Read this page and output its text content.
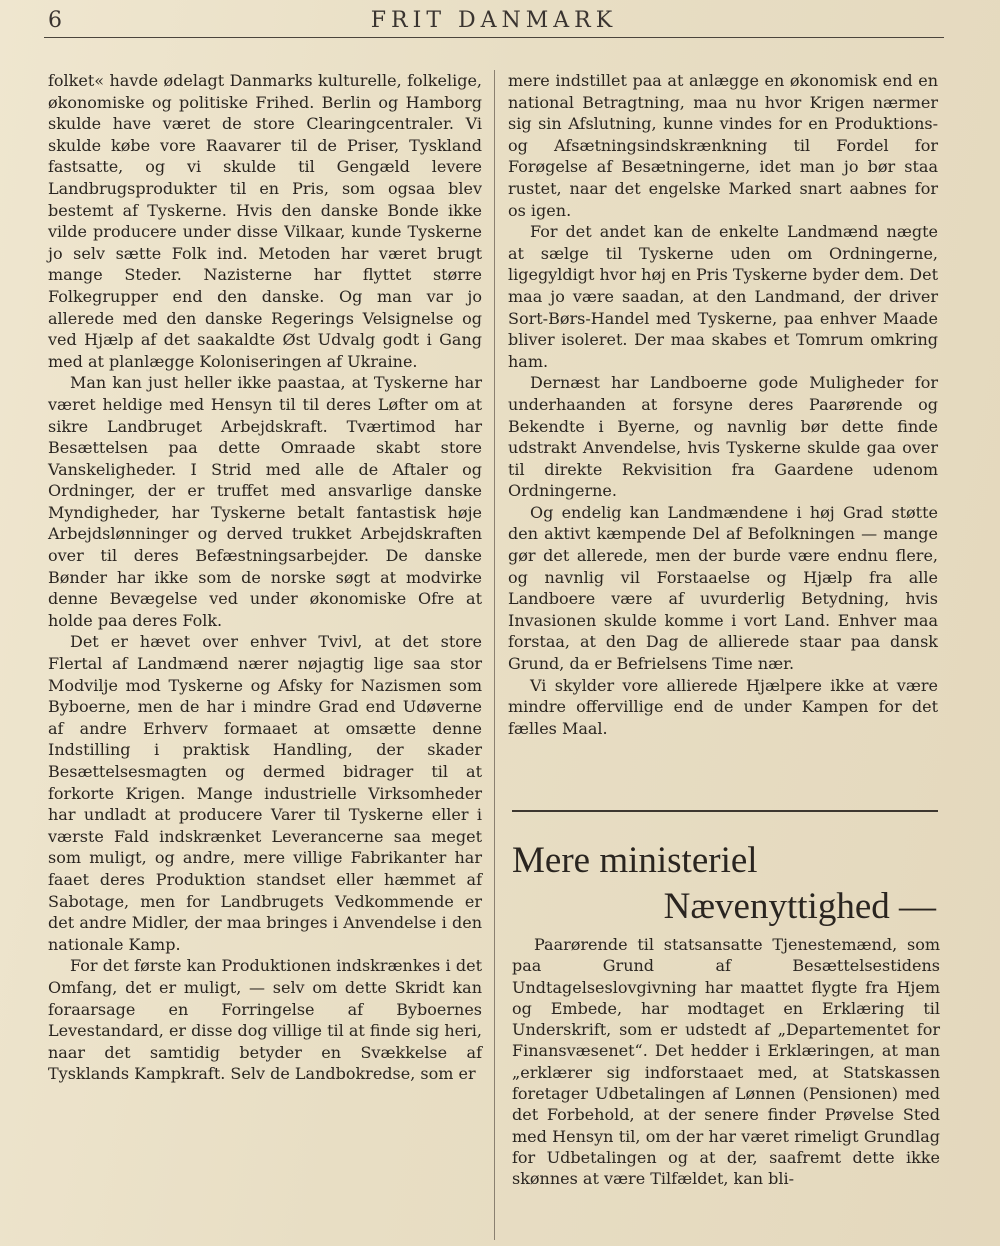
6	FRIT DANMARK

folket« havde ødelagt Danmarks kulturelle, folkelige, økonomiske og politiske Frihed. Berlin og Hamborg skulde have været de store Clearingcentraler. Vi skulde købe vore Raavarer til de Priser, Tyskland fastsatte, og vi skulde til Gengæld levere Landbrugsprodukter til en Pris, som ogsaa blev bestemt af Tyskerne. Hvis den danske Bonde ikke vilde producere under disse Vilkaar, kunde Tyskerne jo selv sætte Folk ind. Metoden har været brugt mange Steder. Nazisterne har flyttet større Folkegrupper end den danske. Og man var jo allerede med den danske Regerings Velsignelse og ved Hjælp af det saakaldte Øst Udvalg godt i Gang med at planlægge Koloniseringen af Ukraine.

Man kan just heller ikke paastaa, at Tyskerne har været heldige med Hensyn til til deres Løfter om at sikre Landbruget Arbejdskraft. Tværtimod har Besættelsen paa dette Omraade skabt store Vanskeligheder. I Strid med alle de Aftaler og Ordninger, der er truffet med ansvarlige danske Myndigheder, har Tyskerne betalt fantastisk høje Arbejdslønninger og derved trukket Arbejdskraften over til deres Befæstningsarbejder. De danske Bønder har ikke som de norske søgt at modvirke denne Bevægelse ved under økonomiske Ofre at holde paa deres Folk.

Det er hævet over enhver Tvivl, at det store Flertal af Landmænd nærer nøjagtig lige saa stor Modvilje mod Tyskerne og Afsky for Nazismen som Byboerne, men de har i mindre Grad end Udøverne af andre Erhverv formaaet at omsætte denne Indstilling i praktisk Handling, der skader Besættelsesmagten og dermed bidrager til at forkorte Krigen. Mange industrielle Virksomheder har undladt at producere Varer til Tyskerne eller i værste Fald indskrænket Leverancerne saa meget som muligt, og andre, mere villige Fabrikanter har faaet deres Produktion standset eller hæmmet af Sabotage, men for Landbrugets Vedkommende er det andre Midler, der maa bringes i Anvendelse i den nationale Kamp.

For det første kan Produktionen indskrænkes i det Omfang, det er muligt, — selv om dette Skridt kan foraarsage en Forringelse af Byboernes Levestandard, er disse dog villige til at finde sig heri, naar det samtidig betyder en Svækkelse af Tysklands Kampkraft. Selv de Landbokredse, som er

mere indstillet paa at anlægge en økonomisk end en national Betragtning, maa nu hvor Krigen nærmer sig sin Afslutning, kunne vindes for en Produktions- og Afsætningsindskrænkning til Fordel for Forøgelse af Besætningerne, idet man jo bør staa rustet, naar det engelske Marked snart aabnes for os igen.

For det andet kan de enkelte Landmænd nægte at sælge til Tyskerne uden om Ordningerne, ligegyldigt hvor høj en Pris Tyskerne byder dem. Det maa jo være saadan, at den Landmand, der driver Sort-Børs-Handel med Tyskerne, paa enhver Maade bliver isoleret. Der maa skabes et Tomrum omkring ham.

Dernæst har Landboerne gode Muligheder for underhaanden at forsyne deres Paarørende og Bekendte i Byerne, og navnlig bør dette finde udstrakt Anvendelse, hvis Tyskerne skulde gaa over til direkte Rekvisition fra Gaardene udenom Ordningerne.

Og endelig kan Landmændene i høj Grad støtte den aktivt kæmpende Del af Befolkningen — mange gør det allerede, men der burde være endnu flere, og navnlig vil Forstaaelse og Hjælp fra alle Landboere være af uvurderlig Betydning, hvis Invasionen skulde komme i vort Land. Enhver maa forstaa, at den Dag de allierede staar paa dansk Grund, da er Befrielsens Time nær.

Vi skylder vore allierede Hjælpere ikke at være mindre offervillige end de under Kampen for det fælles Maal.

Mere ministeriel
Nævenyttighed —

Paarørende til statsansatte Tjenestemænd, som paa Grund af Besættelsestidens Undtagelseslovgivning har maattet flygte fra Hjem og Embede, har modtaget en Erklæring til Underskrift, som er udstedt af „Departementet for Finansvæsenet“. Det hedder i Erklæringen, at man „erklærer sig indforstaaet med, at Statskassen foretager Udbetalingen af Lønnen (Pensionen) med det Forbehold, at der senere finder Prøvelse Sted med Hensyn til, om der har været rimeligt Grundlag for Udbetalingen og at der, saafremt dette ikke skønnes at være Tilfældet, kan bli-
